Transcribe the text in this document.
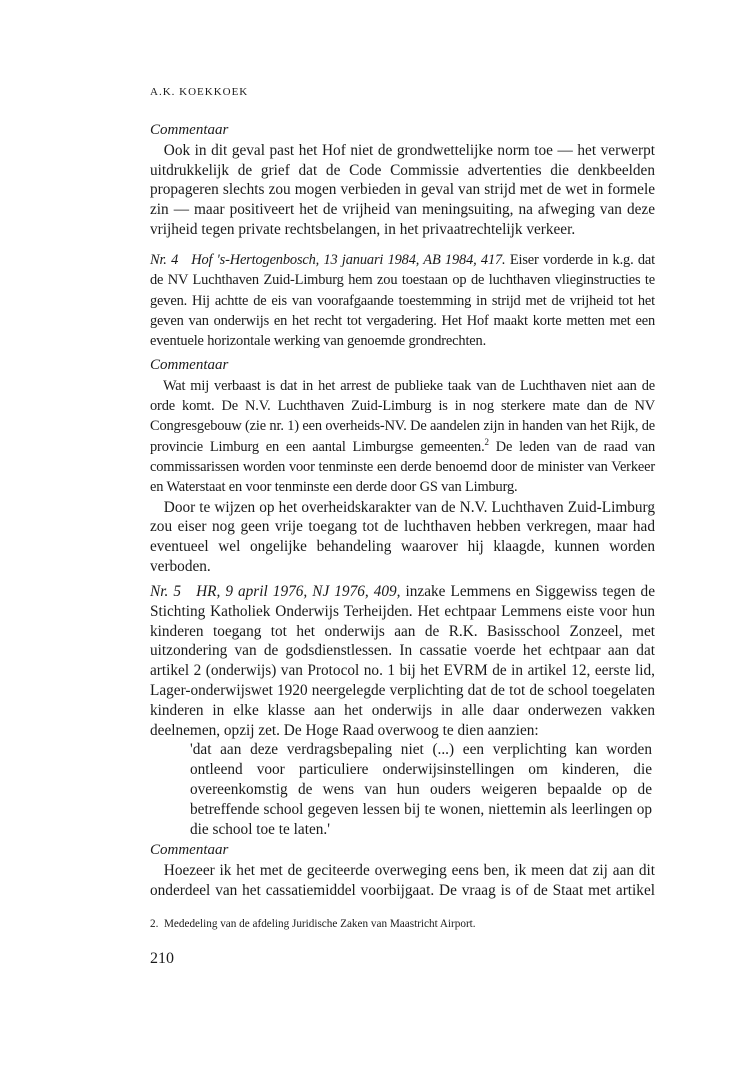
A.K. KOEKKOEK
Commentaar

Ook in dit geval past het Hof niet de grondwettelijke norm toe — het verwerpt uitdrukkelijk de grief dat de Code Commissie advertenties die denkbeelden propageren slechts zou mogen verbieden in geval van strijd met de wet in formele zin — maar positiveert het de vrijheid van meningsuiting, na afweging van deze vrijheid tegen private rechtsbelangen, in het privaatrechtelijk verkeer.

Nr. 4 Hof 's-Hertogenbosch, 13 januari 1984, AB 1984, 417. Eiser vorderde in k.g. dat de NV Luchthaven Zuid-Limburg hem zou toestaan op de luchthaven vlieginstructies te geven. Hij achtte de eis van voorafgaande toestemming in strijd met de vrijheid tot het geven van onderwijs en het recht tot vergadering. Het Hof maakt korte metten met een eventuele horizontale werking van genoemde grondrechten.

Commentaar

Wat mij verbaast is dat in het arrest de publieke taak van de Luchthaven niet aan de orde komt. De N.V. Luchthaven Zuid-Limburg is in nog sterkere mate dan de NV Congresgebouw (zie nr. 1) een overheids-NV. De aandelen zijn in handen van het Rijk, de provincie Limburg en een aantal Limburgse gemeenten.$^2$ De leden van de raad van commissarissen worden voor tenminste een derde benoemd door de minister van Verkeer en Waterstaat en voor tenminste een derde door GS van Limburg.

Door te wijzen op het overheidskarakter van de N.V. Luchthaven Zuid-Limburg zou eiser nog geen vrije toegang tot de luchthaven hebben verkregen, maar had eventueel wel ongelijke behandeling waarover hij klaagde, kunnen worden verboden.

Nr. 5 HR, 9 april 1976, NJ 1976, 409, inzake Lemmens en Siggewiss tegen de Stichting Katholiek Onderwijs Terheijden. Het echtpaar Lemmens eiste voor hun kinderen toegang tot het onderwijs aan de R.K. Basisschool Zonzeel, met uitzondering van de godsdienstlessen. In cassatie voerde het echtpaar aan dat artikel 2 (onderwijs) van Protocol no. 1 bij het EVRM de in artikel 12, eerste lid, Lager-onderwijswet 1920 neergelegde verplichting dat de tot de school toegelaten kinderen in elke klasse aan het onderwijs in alle daar onderwezen vakken deelnemen, opzij zet. De Hoge Raad overwoog te dien aanzien:

'dat aan deze verdragsbepaling niet (...) een verplichting kan worden ontleend voor particuliere onderwijsinstellingen om kinderen, die overeenkomstig de wens van hun ouders weigeren bepaalde op de betreffende school gegeven lessen bij te wonen, niettemin als leerlingen op die school toe te laten.'

Commentaar

Hoezeer ik het met de geciteerde overweging eens ben, ik meen dat zij aan dit onderdeel van het cassatiemiddel voorbijgaat. De vraag is of de Staat met artikel

2. Mededeling van de afdeling Juridische Zaken van Maastricht Airport.
210
